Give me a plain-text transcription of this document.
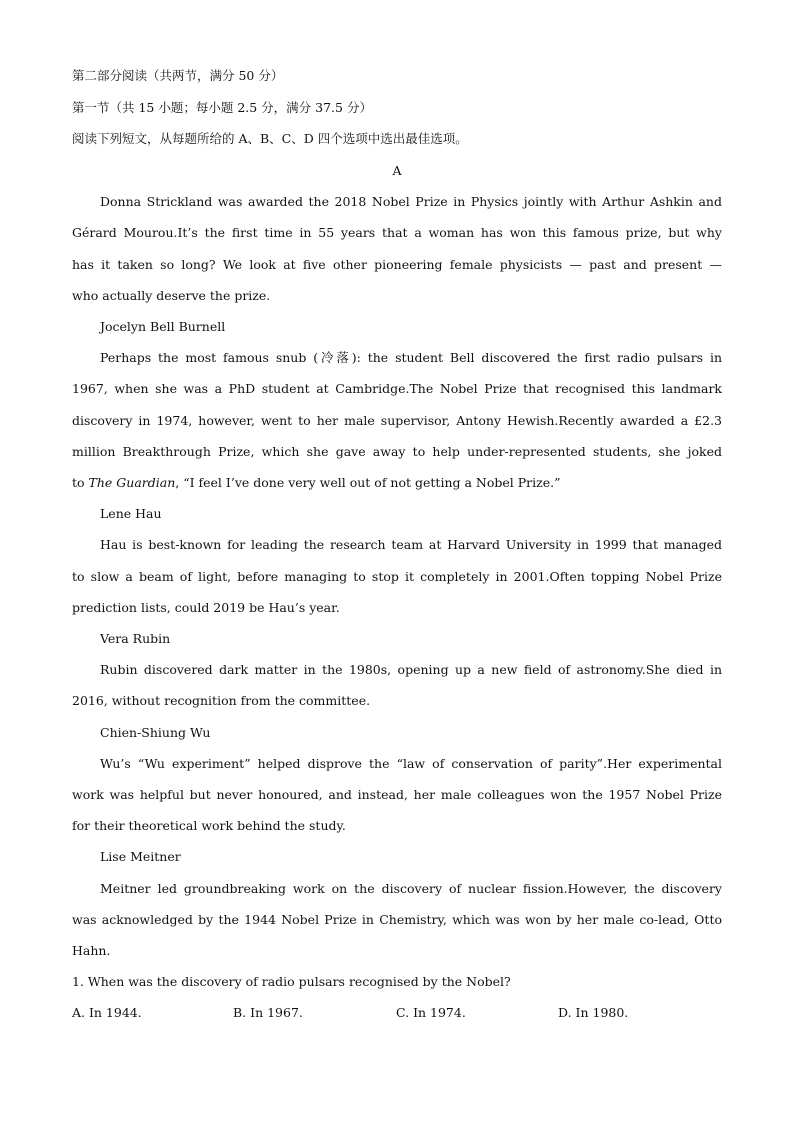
第二部分阅读（共两节，满分 50 分）
第一节（共 15 小题；每小题 2.5 分，满分 37.5 分）
阅读下列短文，从每题所给的 A、B、C、D 四个选项中选出最佳选项。
A
Donna Strickland was awarded the 2018 Nobel Prize in Physics jointly with Arthur Ashkin and
Gérard Mourou.It’s the first time in 55 years that a woman has won this famous prize, but why
has it taken so long? We look at five other pioneering female physicists — past and present —
who actually deserve the prize.
Jocelyn Bell Burnell
Perhaps the most famous snub (冷落): the student Bell discovered the first radio pulsars in
1967, when she was a PhD student at Cambridge.The Nobel Prize that recognised this landmark
discovery in 1974, however, went to her male supervisor, Antony Hewish.Recently awarded a £2.3
million Breakthrough Prize, which she gave away to help under-represented students, she joked
to The Guardian, “I feel I’ve done very well out of not getting a Nobel Prize.”
Lene Hau
Hau is best-known for leading the research team at Harvard University in 1999 that managed
to slow a beam of light, before managing to stop it completely in 2001.Often topping Nobel Prize
prediction lists, could 2019 be Hau’s year.
Vera Rubin
Rubin discovered dark matter in the 1980s, opening up a new field of astronomy.She died in
2016, without recognition from the committee.
Chien-Shiung Wu
Wu’s “Wu experiment” helped disprove the “law of conservation of parity”.Her experimental
work was helpful but never honoured, and instead, her male colleagues won the 1957 Nobel Prize
for their theoretical work behind the study.
Lise Meitner
Meitner led groundbreaking work on the discovery of nuclear fission.However, the discovery
was acknowledged by the 1944 Nobel Prize in Chemistry, which was won by her male co-lead, Otto
Hahn.
1. When was the discovery of radio pulsars recognised by the Nobel?
A. In 1944.	B. In 1967.	C. In 1974.	D. In 1980.
